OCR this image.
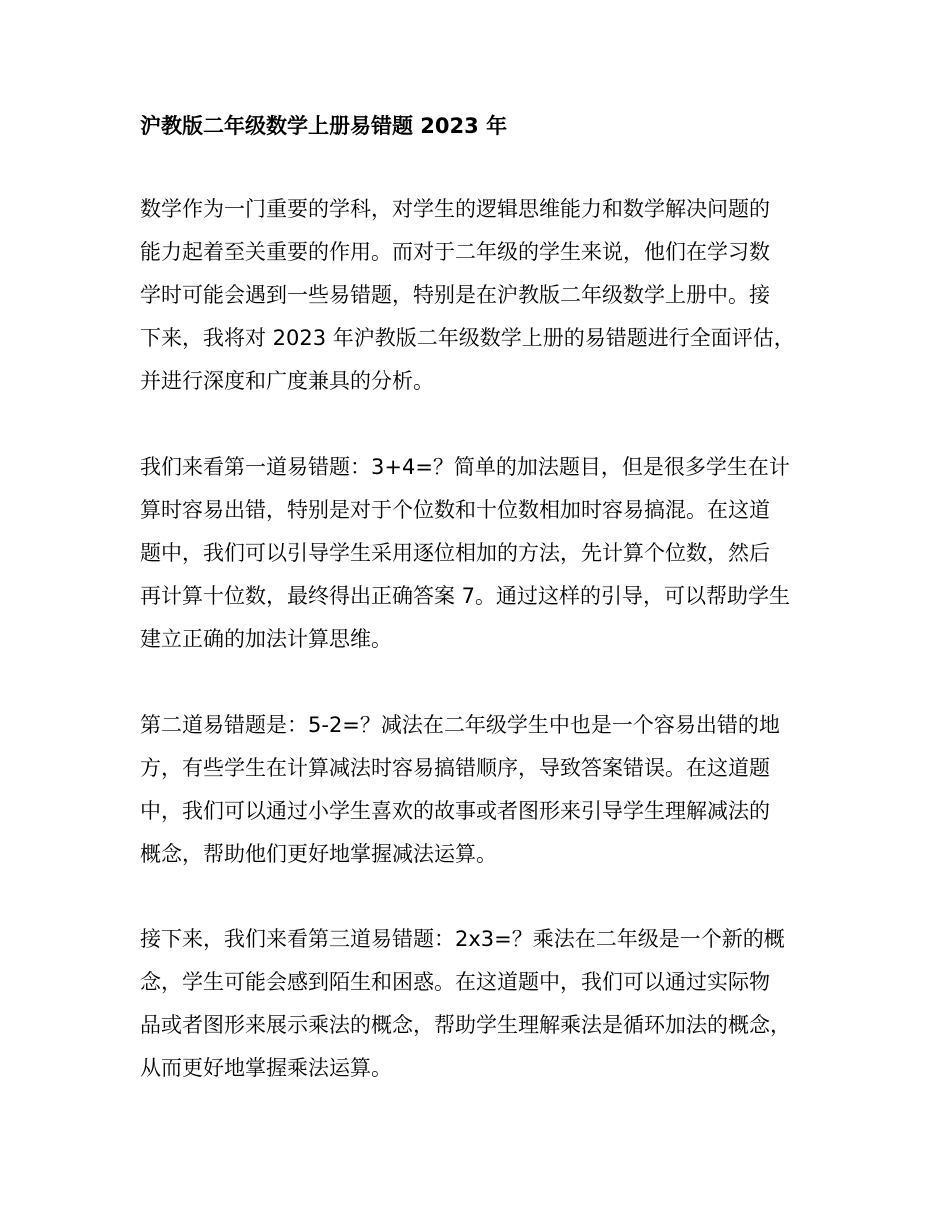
沪教版二年级数学上册易错题 2023 年

数学作为一门重要的学科，对学生的逻辑思维能力和数学解决问题的
能力起着至关重要的作用。而对于二年级的学生来说，他们在学习数
学时可能会遇到一些易错题，特别是在沪教版二年级数学上册中。接
下来，我将对 2023 年沪教版二年级数学上册的易错题进行全面评估，
并进行深度和广度兼具的分析。

我们来看第一道易错题：3+4=？简单的加法题目，但是很多学生在计
算时容易出错，特别是对于个位数和十位数相加时容易搞混。在这道
题中，我们可以引导学生采用逐位相加的方法，先计算个位数，然后
再计算十位数，最终得出正确答案 7。通过这样的引导，可以帮助学生
建立正确的加法计算思维。

第二道易错题是：5-2=？减法在二年级学生中也是一个容易出错的地
方，有些学生在计算减法时容易搞错顺序，导致答案错误。在这道题
中，我们可以通过小学生喜欢的故事或者图形来引导学生理解减法的
概念，帮助他们更好地掌握减法运算。

接下来，我们来看第三道易错题：2x3=？乘法在二年级是一个新的概
念，学生可能会感到陌生和困惑。在这道题中，我们可以通过实际物
品或者图形来展示乘法的概念，帮助学生理解乘法是循环加法的概念，
从而更好地掌握乘法运算。
